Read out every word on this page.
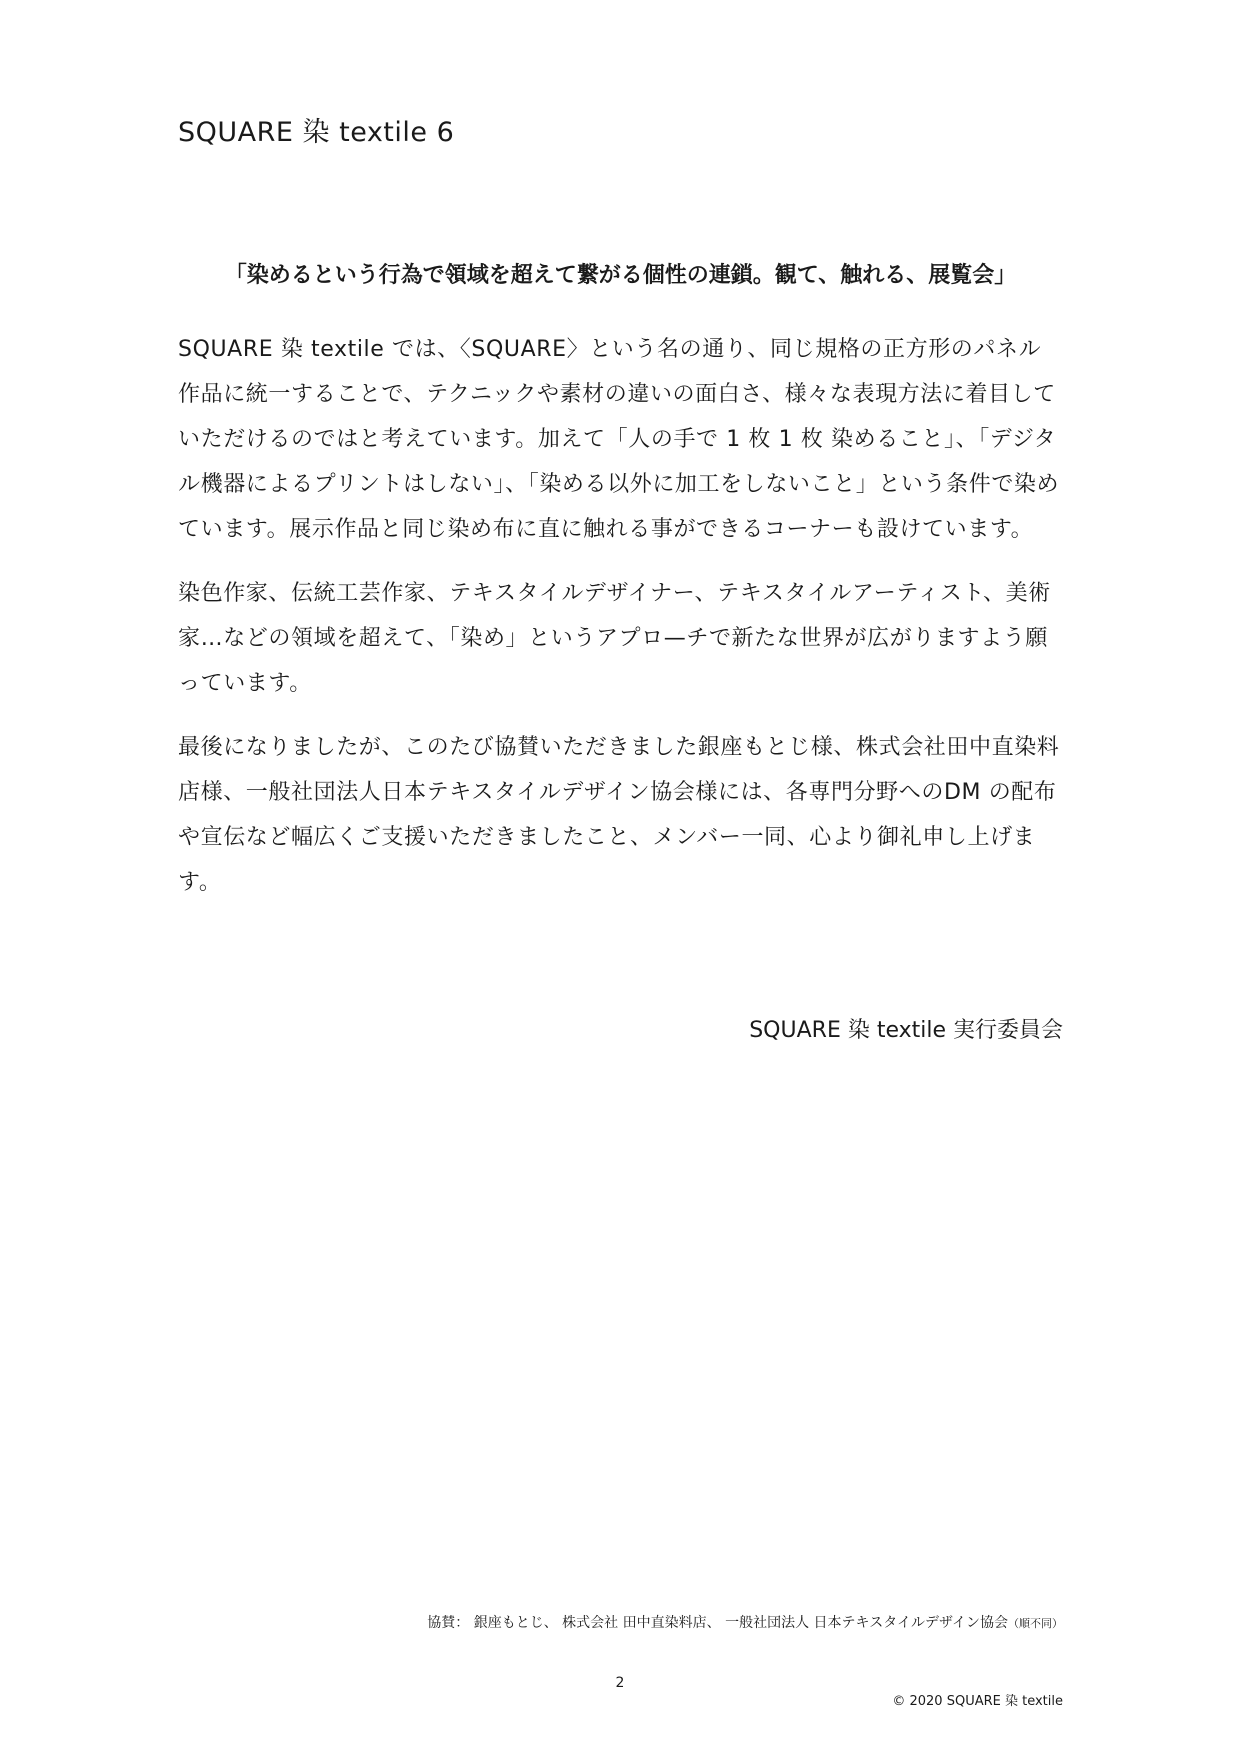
SQUARE 染 textile 6

「染めるという行為で領域を超えて繋がる個性の連鎖。観て、触れる、展覧会」

SQUARE 染 textile では、〈SQUARE〉という名の通り、同じ規格の正方形のパネル作品に統一することで、テクニックや素材の違いの面白さ、様々な表現方法に着目していただけるのではと考えています。加えて「人の手で 1 枚 1 枚 染めること」、「デジタル機器によるプリントはしない」、「染める以外に加工をしないこと」という条件で染めています。展示作品と同じ染め布に直に触れる事ができるコーナーも設けています。

染色作家、伝統工芸作家、テキスタイルデザイナー、テキスタイルアーティスト、美術家…などの領域を超えて、「染め」というアプロ—チで新たな世界が広がりますよう願っています。

最後になりましたが、このたび協賛いただきました銀座もとじ様、株式会社田中直染料店様、一般社団法人日本テキスタイルデザイン協会様には、各専門分野へのDM の配布や宣伝など幅広くご支援いただきましたこと、メンバー一同、心より御礼申し上げます。

SQUARE 染 textile 実行委員会

協賛： 銀座もとじ、 株式会社 田中直染料店、 一般社団法人 日本テキスタイルデザイン協会（順不同）

2

© 2020 SQUARE 染 textile
